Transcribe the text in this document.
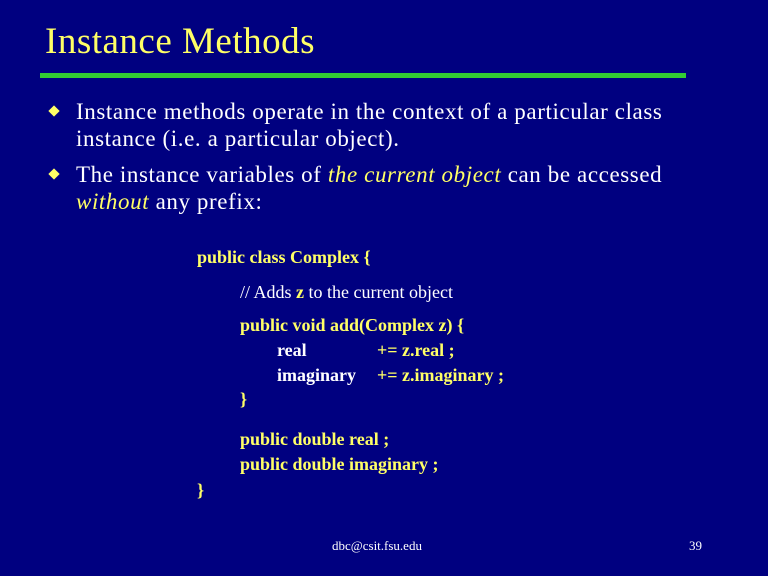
Instance Methods
Instance methods operate in the context of a particular class instance (i.e. a particular object).
The instance variables of the current object can be accessed without any prefix:
public class Complex {
// Adds z to the current object
public void add(Complex z) {
real	+= z.real ;
imaginary += z.imaginary ;
}
public double real ;
public double imaginary ;
}
dbc@csit.fsu.edu	39
